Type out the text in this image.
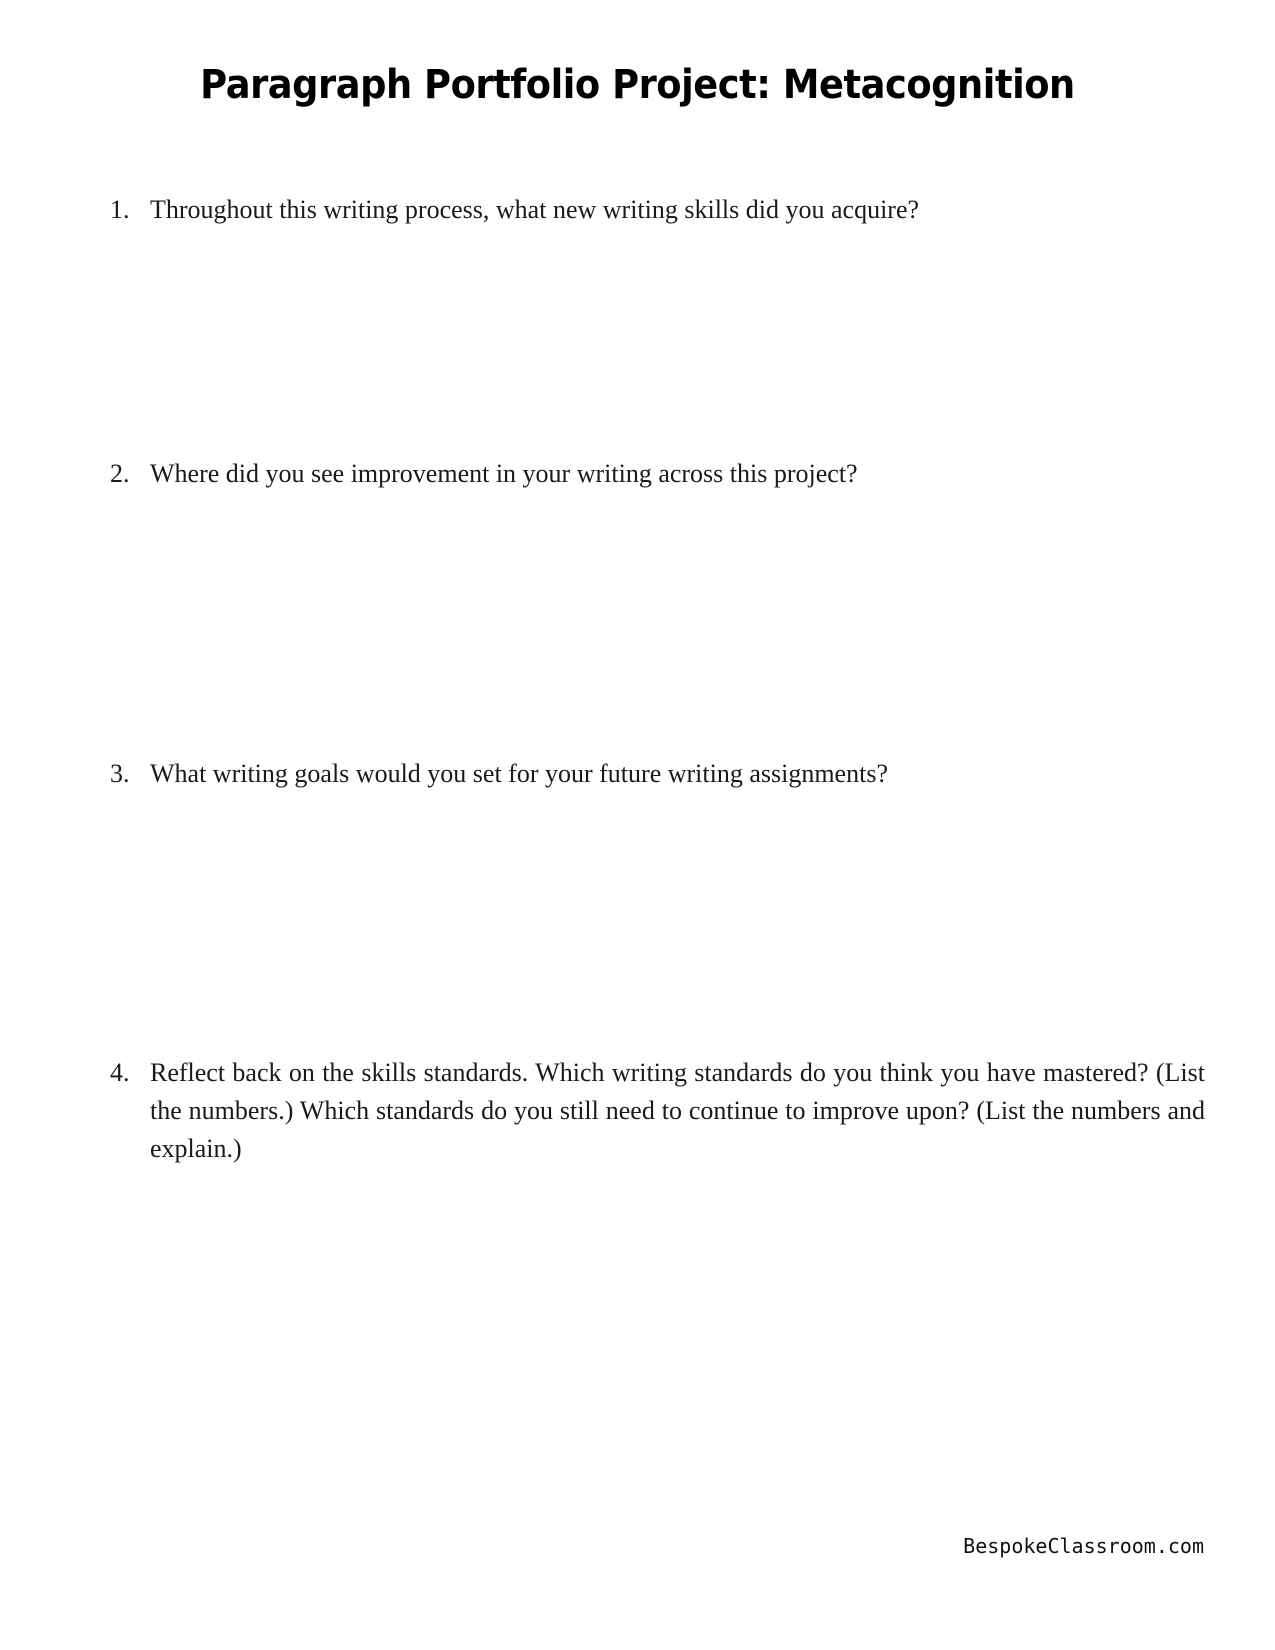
Paragraph Portfolio Project: Metacognition
1. Throughout this writing process, what new writing skills did you acquire?
2. Where did you see improvement in your writing across this project?
3. What writing goals would you set for your future writing assignments?
4. Reflect back on the skills standards. Which writing standards do you think you have mastered? (List the numbers.) Which standards do you still need to continue to improve upon? (List the numbers and explain.)
BespokeClassroom.com
